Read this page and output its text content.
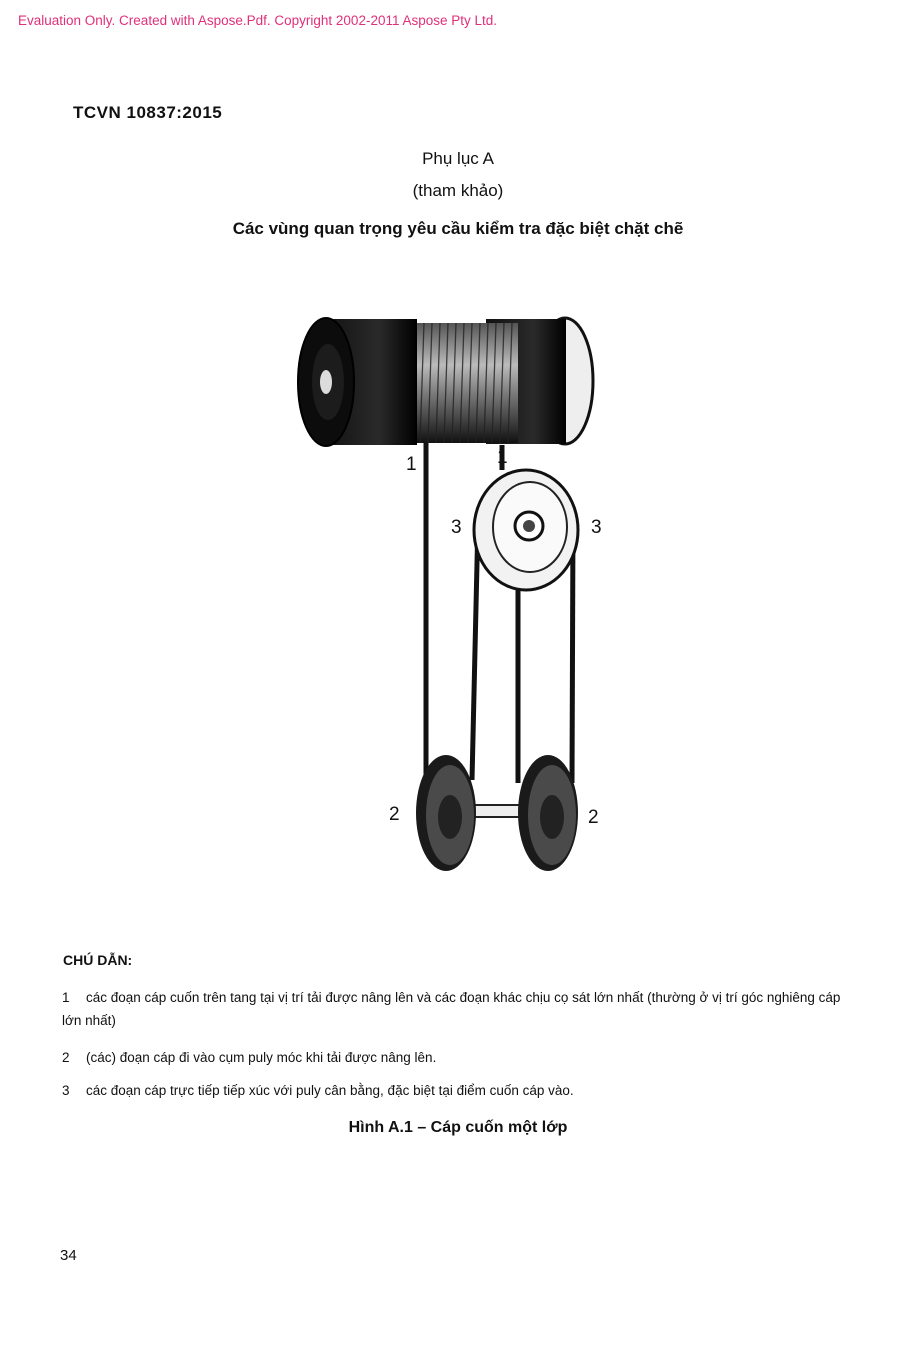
Evaluation Only. Created with Aspose.Pdf. Copyright 2002-2011 Aspose Pty Ltd.
TCVN 10837:2015
Phụ lục A
(tham khảo)
Các vùng quan trọng yêu cầu kiểm tra đặc biệt chặt chẽ
1	1
3	3
2	2
CHÚ DẪN:
1 các đoạn cáp cuốn trên tang tại vị trí tải được nâng lên và các đoạn khác chịu cọ sát lớn nhất (thường ở vị trí góc nghiêng cáp lớn nhất)
2 (các) đoạn cáp đi vào cụm puly móc khi tải được nâng lên.
3 các đoạn cáp trực tiếp tiếp xúc với puly cân bằng, đặc biệt tại điểm cuốn cáp vào.
Hình A.1 – Cáp cuốn một lớp
34
